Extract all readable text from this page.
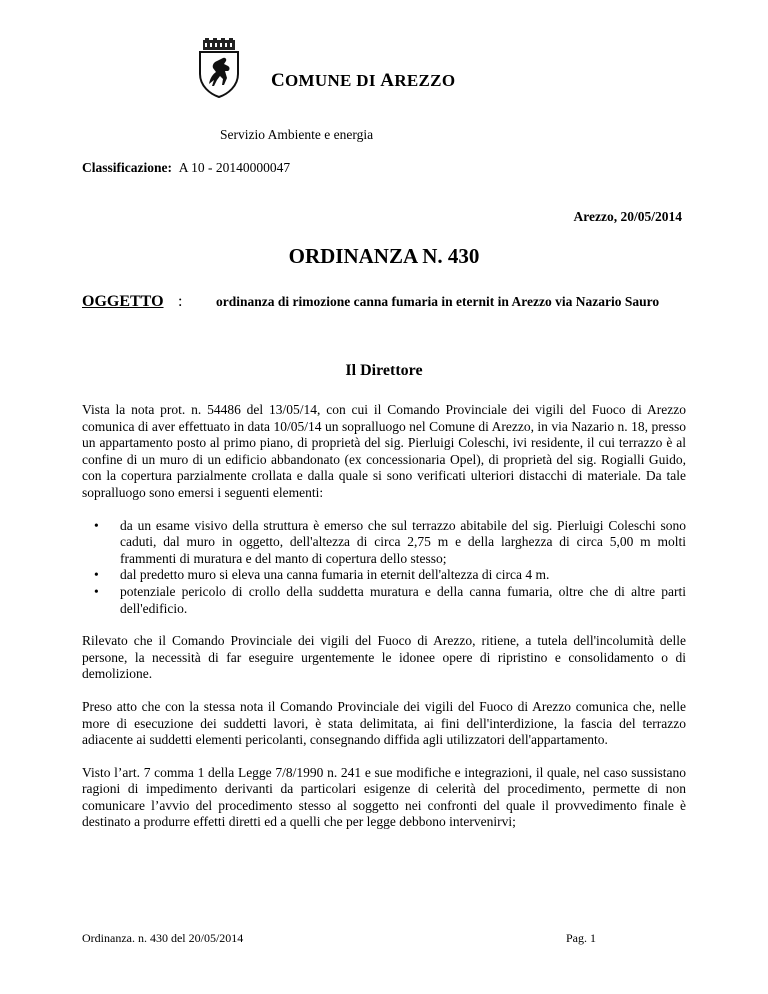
COMUNE DI AREZZO
Servizio Ambiente e energia
Classificazione: A 10 - 20140000047
Arezzo, 20/05/2014
ORDINANZA N. 430
OGGETTO : ordinanza di rimozione canna fumaria in eternit in Arezzo via Nazario Sauro
Il Direttore

Vista la nota prot. n. 54486 del 13/05/14, con cui il Comando Provinciale dei vigili del Fuoco di Arezzo comunica di aver effettuato in data 10/05/14 un sopralluogo nel Comune di Arezzo, in via Nazario n. 18, presso un appartamento posto al primo piano, di proprietà del sig. Pierluigi Coleschi, ivi residente, il cui terrazzo è al confine di un muro di un edificio abbandonato (ex concessionaria Opel), di proprietà del sig. Rogialli Guido, con la copertura parzialmente crollata e dalla quale si sono verificati ulteriori distacchi di materiale. Da tale sopralluogo sono emersi i seguenti elementi:

• da un esame visivo della struttura è emerso che sul terrazzo abitabile del sig. Pierluigi Coleschi sono caduti, dal muro in oggetto, dell'altezza di circa 2,75 m e della larghezza di circa 5,00 m molti frammenti di muratura e del manto di copertura dello stesso;
• dal predetto muro si eleva una canna fumaria in eternit dell'altezza di circa 4 m.
• potenziale pericolo di crollo della suddetta muratura e della canna fumaria, oltre che di altre parti dell'edificio.

Rilevato che il Comando Provinciale dei vigili del Fuoco di Arezzo, ritiene, a tutela dell'incolumità delle persone, la necessità di far eseguire urgentemente le idonee opere di ripristino e consolidamento o di demolizione.

Preso atto che con la stessa nota il Comando Provinciale dei vigili del Fuoco di Arezzo comunica che, nelle more di esecuzione dei suddetti lavori, è stata delimitata, ai fini dell'interdizione, la fascia del terrazzo adiacente ai suddetti elementi pericolanti, consegnando diffida agli utilizzatori dell'appartamento.

Visto l’art. 7 comma 1 della Legge 7/8/1990 n. 241 e sue modifiche e integrazioni, il quale, nel caso sussistano ragioni di impedimento derivanti da particolari esigenze di celerità del procedimento, permette di non comunicare l’avvio del procedimento stesso al soggetto nei confronti del quale il provvedimento finale è destinato a produrre effetti diretti ed a quelli che per legge debbono intervenirvi;

Ordinanza. n. 430 del 20/05/2014	Pag. 1
